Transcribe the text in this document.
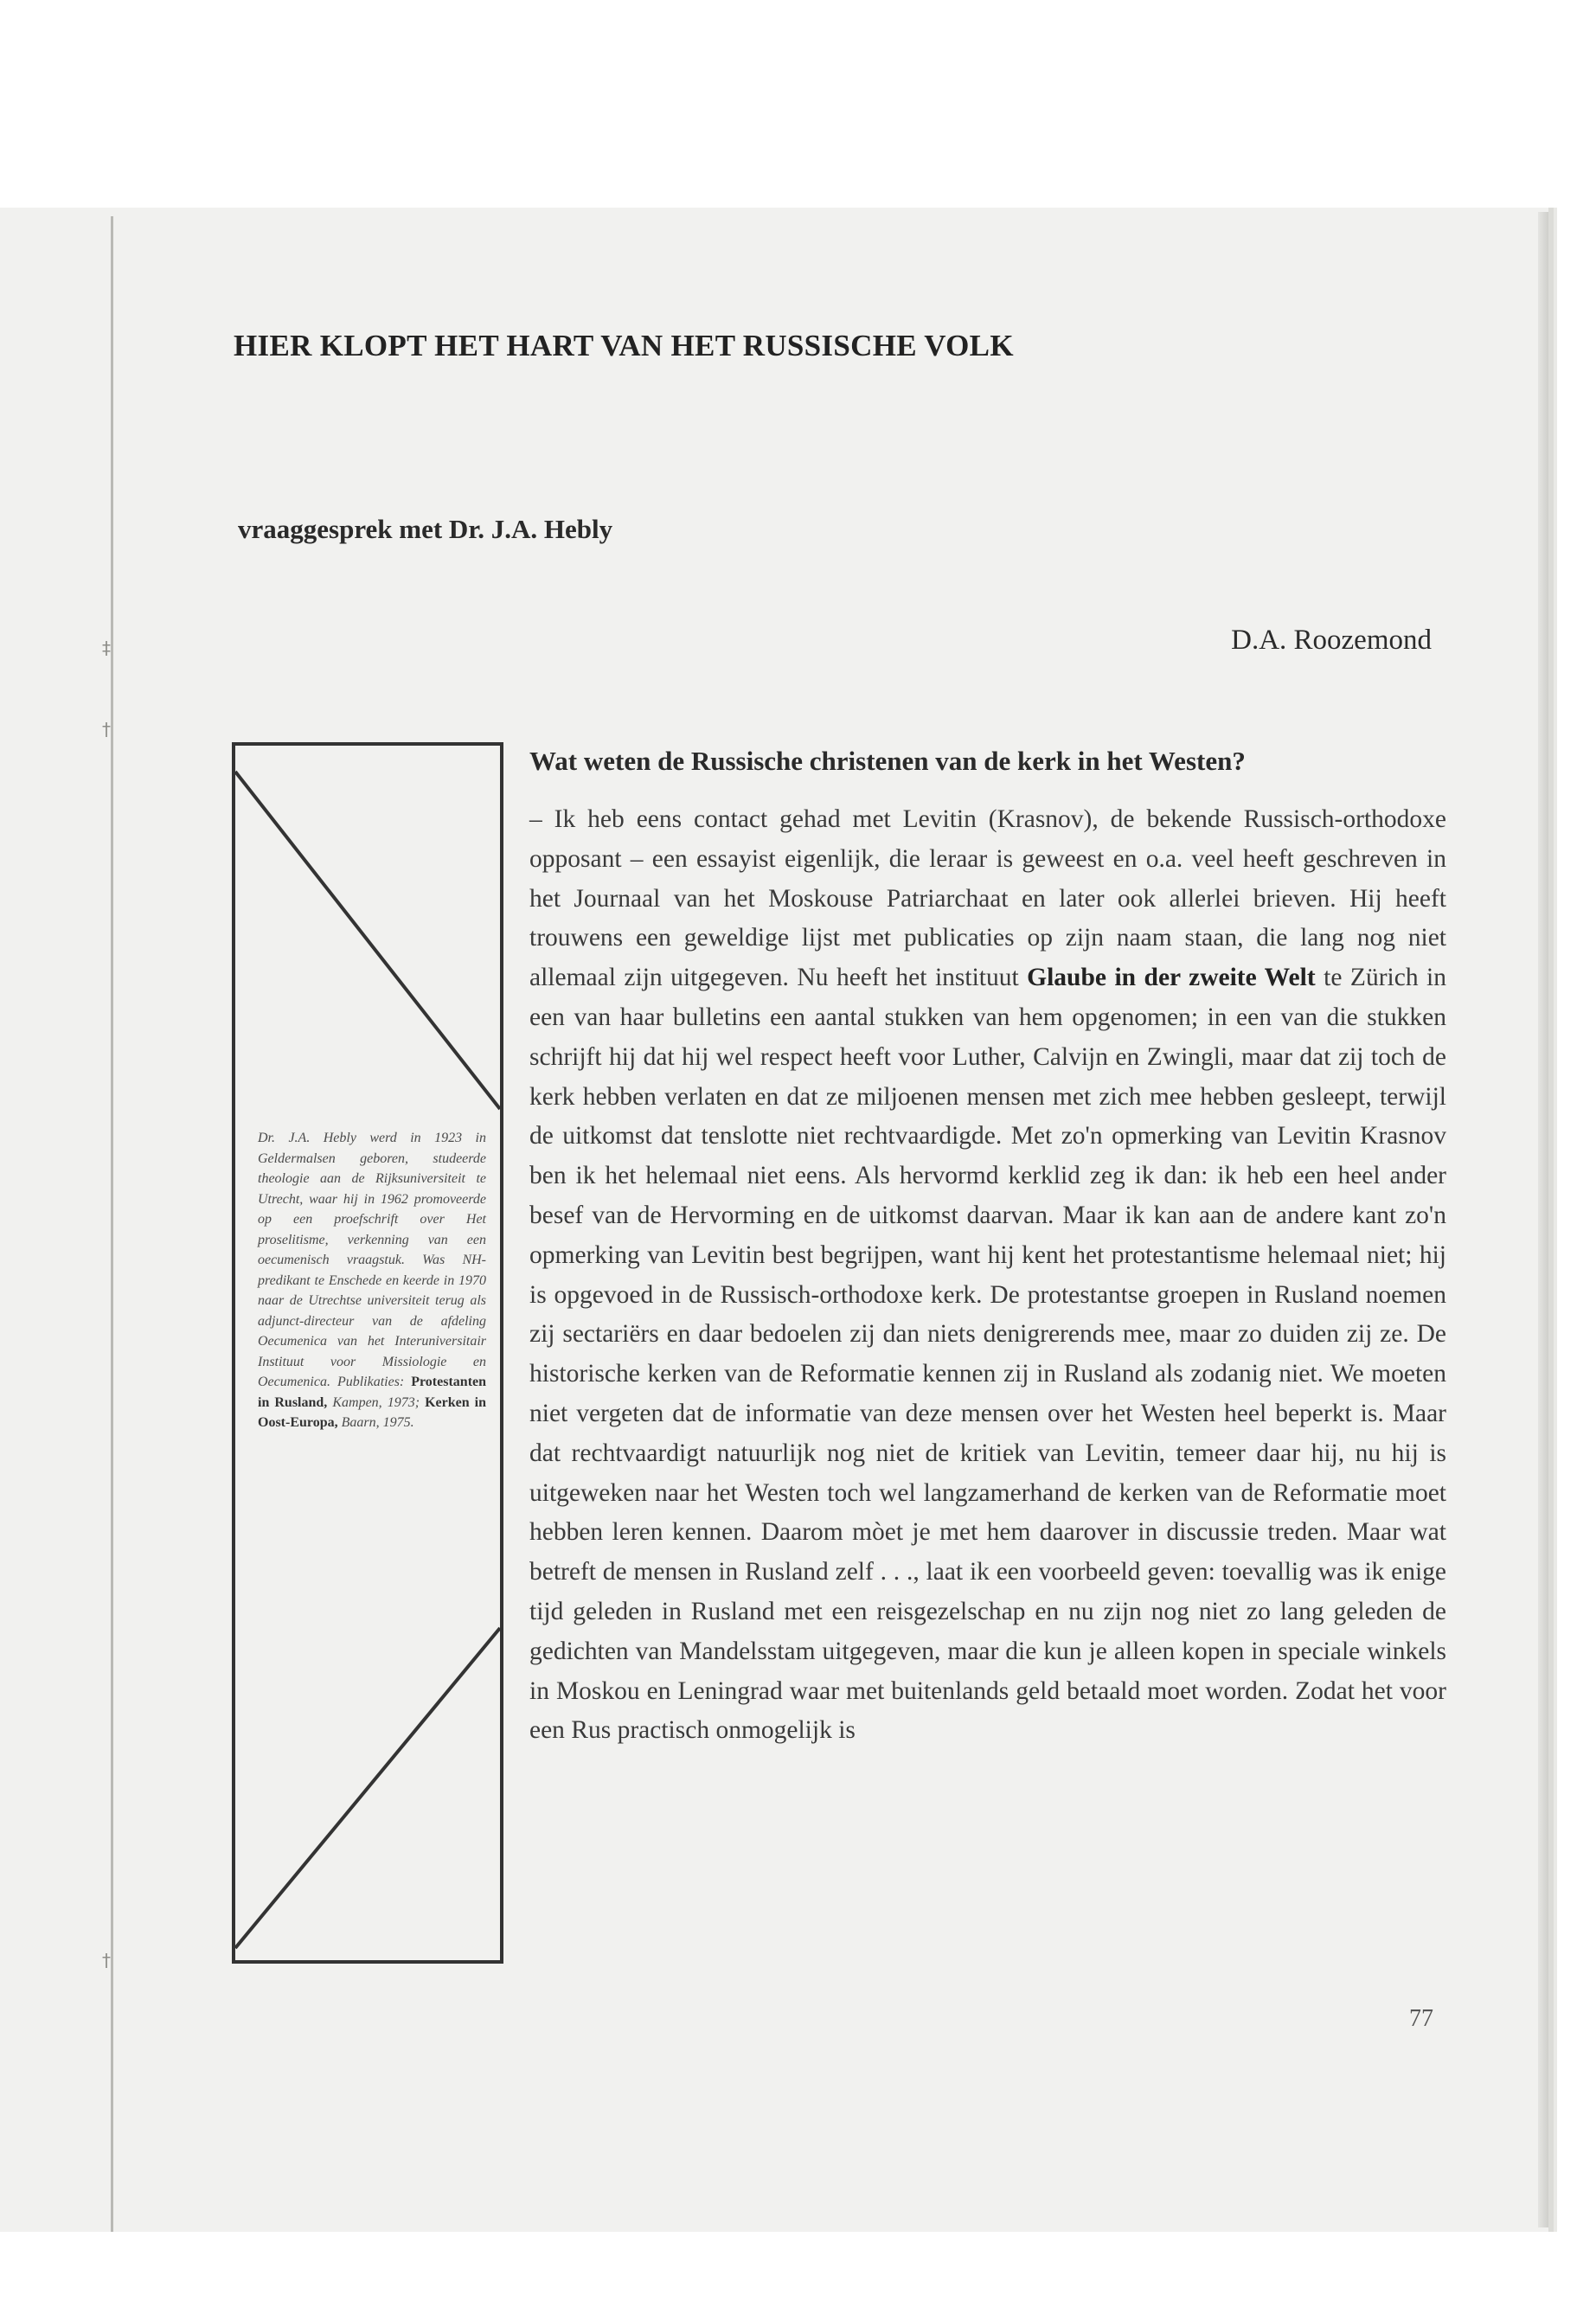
‡
†
†
HIER KLOPT HET HART VAN HET RUSSISCHE VOLK
vraaggesprek met Dr. J.A. Hebly
D.A. Roozemond
Dr. J.A. Hebly werd in 1923 in Geldermalsen geboren, studeerde theologie aan de Rijksuniversiteit te Utrecht, waar hij in 1962 promoveerde op een proefschrift over Het proselitisme, verkenning van een oecumenisch vraagstuk. Was NH-predikant te Enschede en keerde in 1970 naar de Utrechtse universiteit terug als adjunct-directeur van de afdeling Oecumenica van het Interuniversitair Instituut voor Missiologie en Oecumenica. Publikaties: Protestanten in Rusland, Kampen, 1973; Kerken in Oost-Europa, Baarn, 1975.
Wat weten de Russische christenen van de kerk in het Westen?
– Ik heb eens contact gehad met Levitin (Krasnov), de bekende Russisch-orthodoxe opposant – een essayist eigenlijk, die leraar is geweest en o.a. veel heeft geschreven in het Journaal van het Moskouse Patriarchaat en later ook allerlei brieven. Hij heeft trouwens een geweldige lijst met publicaties op zijn naam staan, die lang nog niet allemaal zijn uitgegeven. Nu heeft het instituut Glaube in der zweite Welt te Zürich in een van haar bulletins een aantal stukken van hem opgenomen; in een van die stukken schrijft hij dat hij wel respect heeft voor Luther, Calvijn en Zwingli, maar dat zij toch de kerk hebben verlaten en dat ze miljoenen mensen met zich mee hebben gesleept, terwijl de uitkomst dat tenslotte niet rechtvaardigde. Met zo'n opmerking van Levitin Krasnov ben ik het helemaal niet eens. Als hervormd kerklid zeg ik dan: ik heb een heel ander besef van de Hervorming en de uitkomst daarvan. Maar ik kan aan de andere kant zo'n opmerking van Levitin best begrijpen, want hij kent het protestantisme helemaal niet; hij is opgevoed in de Russisch-orthodoxe kerk. De protestantse groepen in Rusland noemen zij sectariërs en daar bedoelen zij dan niets denigrerends mee, maar zo duiden zij ze. De historische kerken van de Reformatie kennen zij in Rusland als zodanig niet. We moeten niet vergeten dat de informatie van deze mensen over het Westen heel beperkt is. Maar dat rechtvaardigt natuurlijk nog niet de kritiek van Levitin, temeer daar hij, nu hij is uitgeweken naar het Westen toch wel langzamerhand de kerken van de Reformatie moet hebben leren kennen. Daarom mòet je met hem daarover in discussie treden. Maar wat betreft de mensen in Rusland zelf . . ., laat ik een voorbeeld geven: toevallig was ik enige tijd geleden in Rusland met een reisgezelschap en nu zijn nog niet zo lang geleden de gedichten van Mandelsstam uitgegeven, maar die kun je alleen kopen in speciale winkels in Moskou en Leningrad waar met buitenlands geld betaald moet worden. Zodat het voor een Rus practisch onmogelijk is
77
